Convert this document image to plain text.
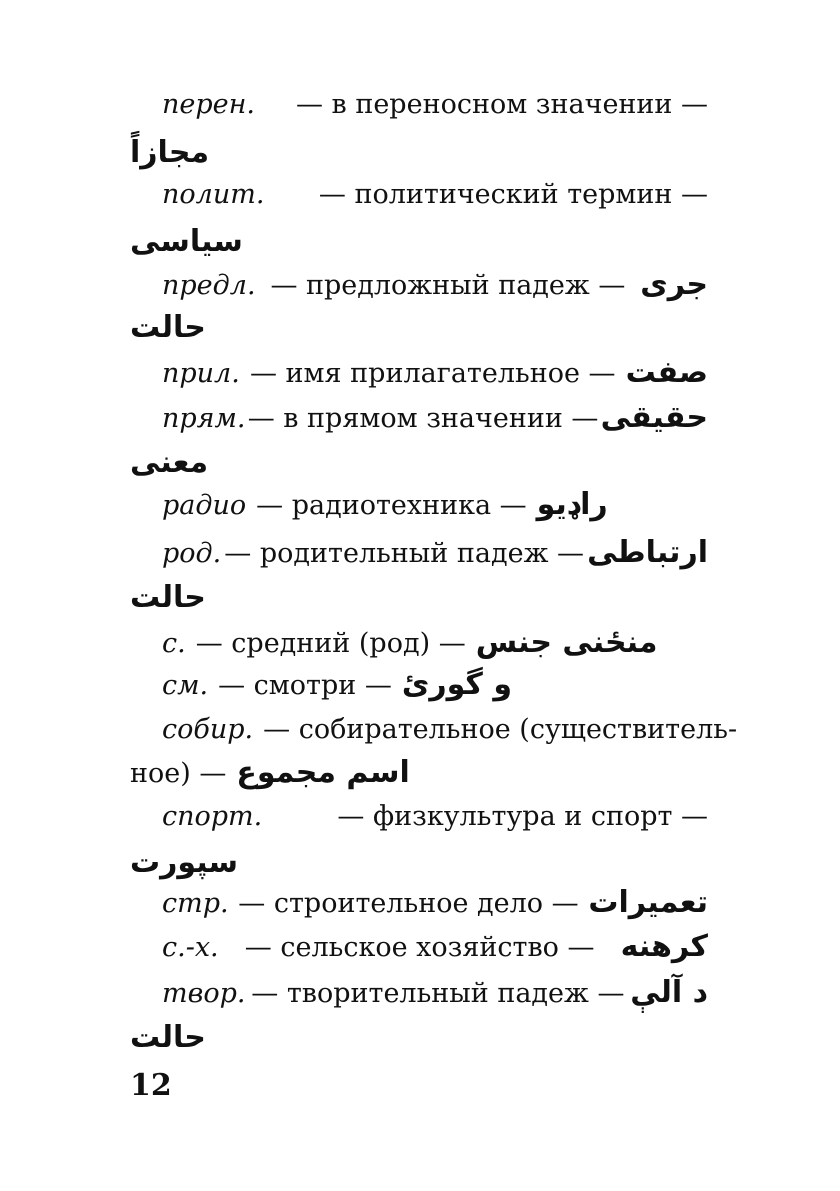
перен. — в переносном значении —
مجازاً
полит. — политический термин —
سیاسی
предл. — предложный падеж — جری
حالت
прил. — имя прилагательное — صفت
прям. — в прямом значении — حقیقی
معنی
радио — радиотехника — راډیو
род. — родительный падеж — ارتباطی
حالت
с. — средний (род) — منځنی جنس
см. — смотри — و گورئ
собир. — собирательное (существитель-
ное) — اسم مجموع
спорт.	— физкультура и спорт —
سپورت
стр. — строительное дело — تعمیرات
с.-х. — сельское хозяйство — کرهنه
твор. — творительный падеж — د آلې
حالت
12
